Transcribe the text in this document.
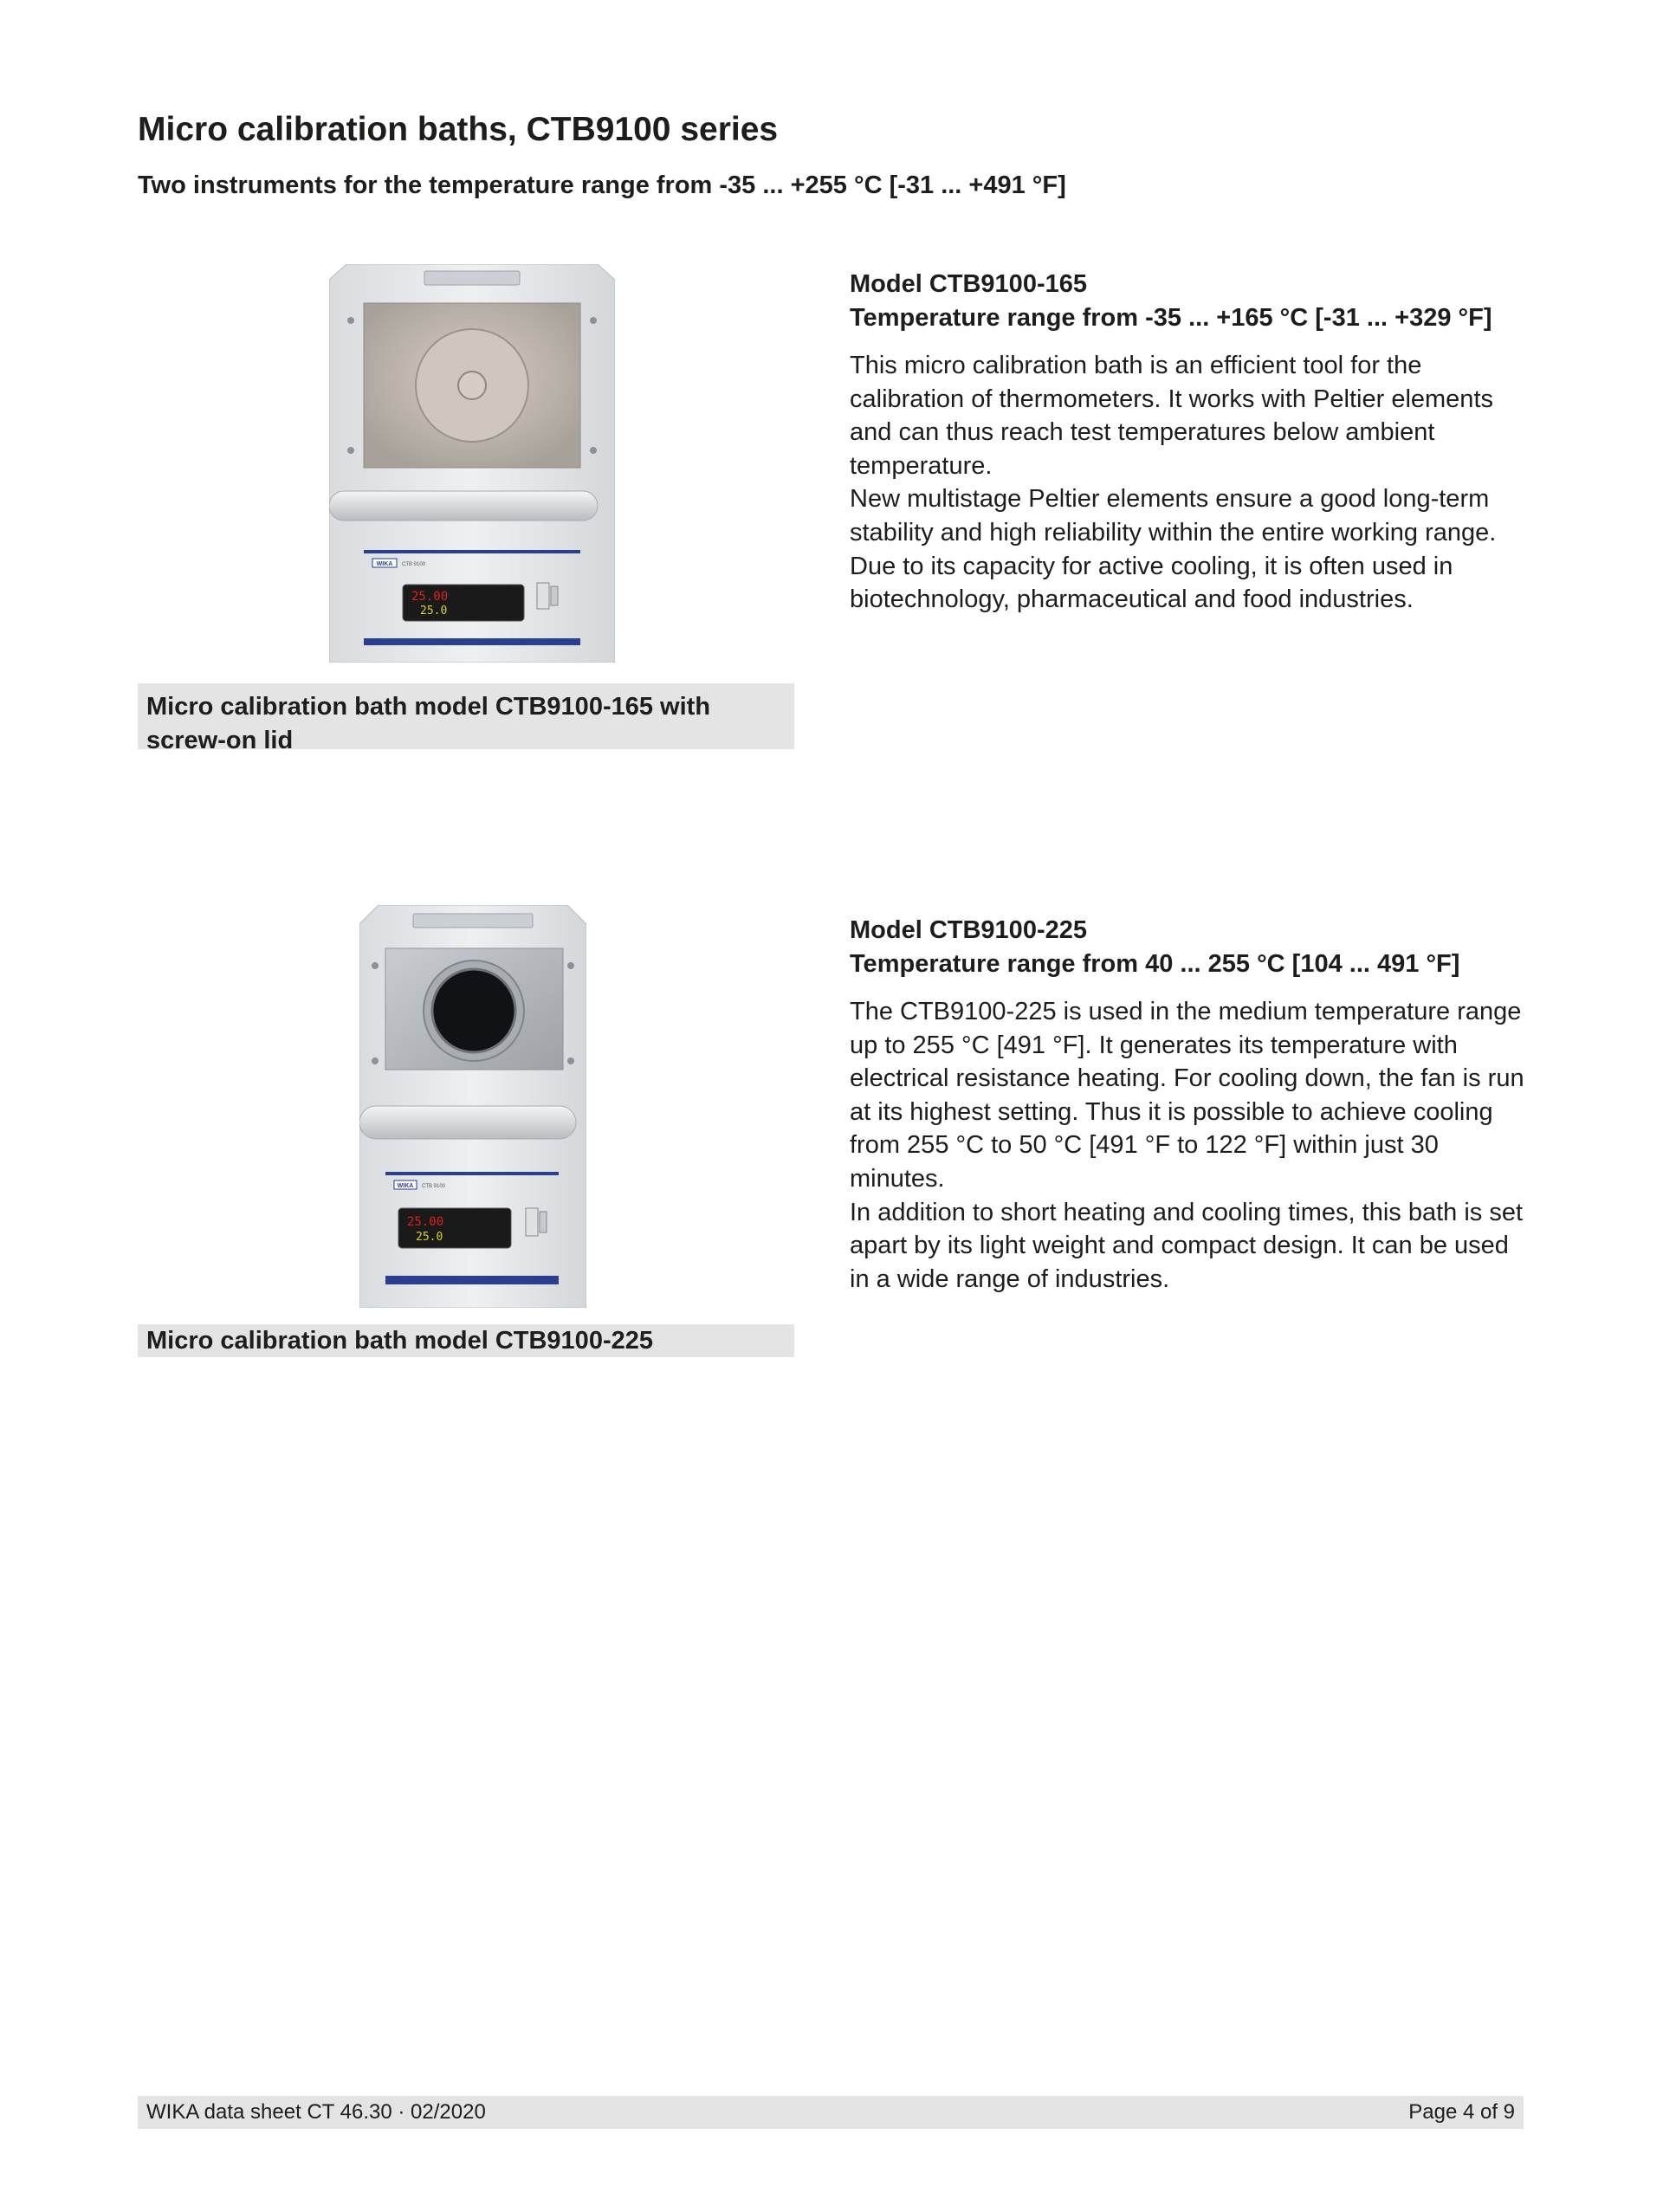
Micro calibration baths, CTB9100 series
Two instruments for the temperature range from -35 ... +255 °C [-31 ... +491 °F]
WIKA CTB 9100
25.00
25.0
Micro calibration bath model CTB9100-165 with screw-on lid
Model CTB9100-165
Temperature range from -35 ... +165 °C [-31 ... +329 °F]
This micro calibration bath is an efficient tool for the calibration of thermometers. It works with Peltier elements and can thus reach test temperatures below ambient temperature.
New multistage Peltier elements ensure a good long-term stability and high reliability within the entire working range. Due to its capacity for active cooling, it is often used in biotechnology, pharmaceutical and food industries.
WIKA CTB 9100
25.00
25.0
Micro calibration bath model CTB9100-225
Model CTB9100-225
Temperature range from 40 ... 255 °C [104 ... 491 °F]
The CTB9100-225 is used in the medium temperature range up to 255 °C [491 °F]. It generates its temperature with electrical resistance heating. For cooling down, the fan is run at its highest setting. Thus it is possible to achieve cooling from 255 °C to 50 °C [491 °F to 122 °F] within just 30 minutes.
In addition to short heating and cooling times, this bath is set apart by its light weight and compact design. It can be used in a wide range of industries.
WIKA data sheet CT 46.30 · 02/2020	Page 4 of 9
